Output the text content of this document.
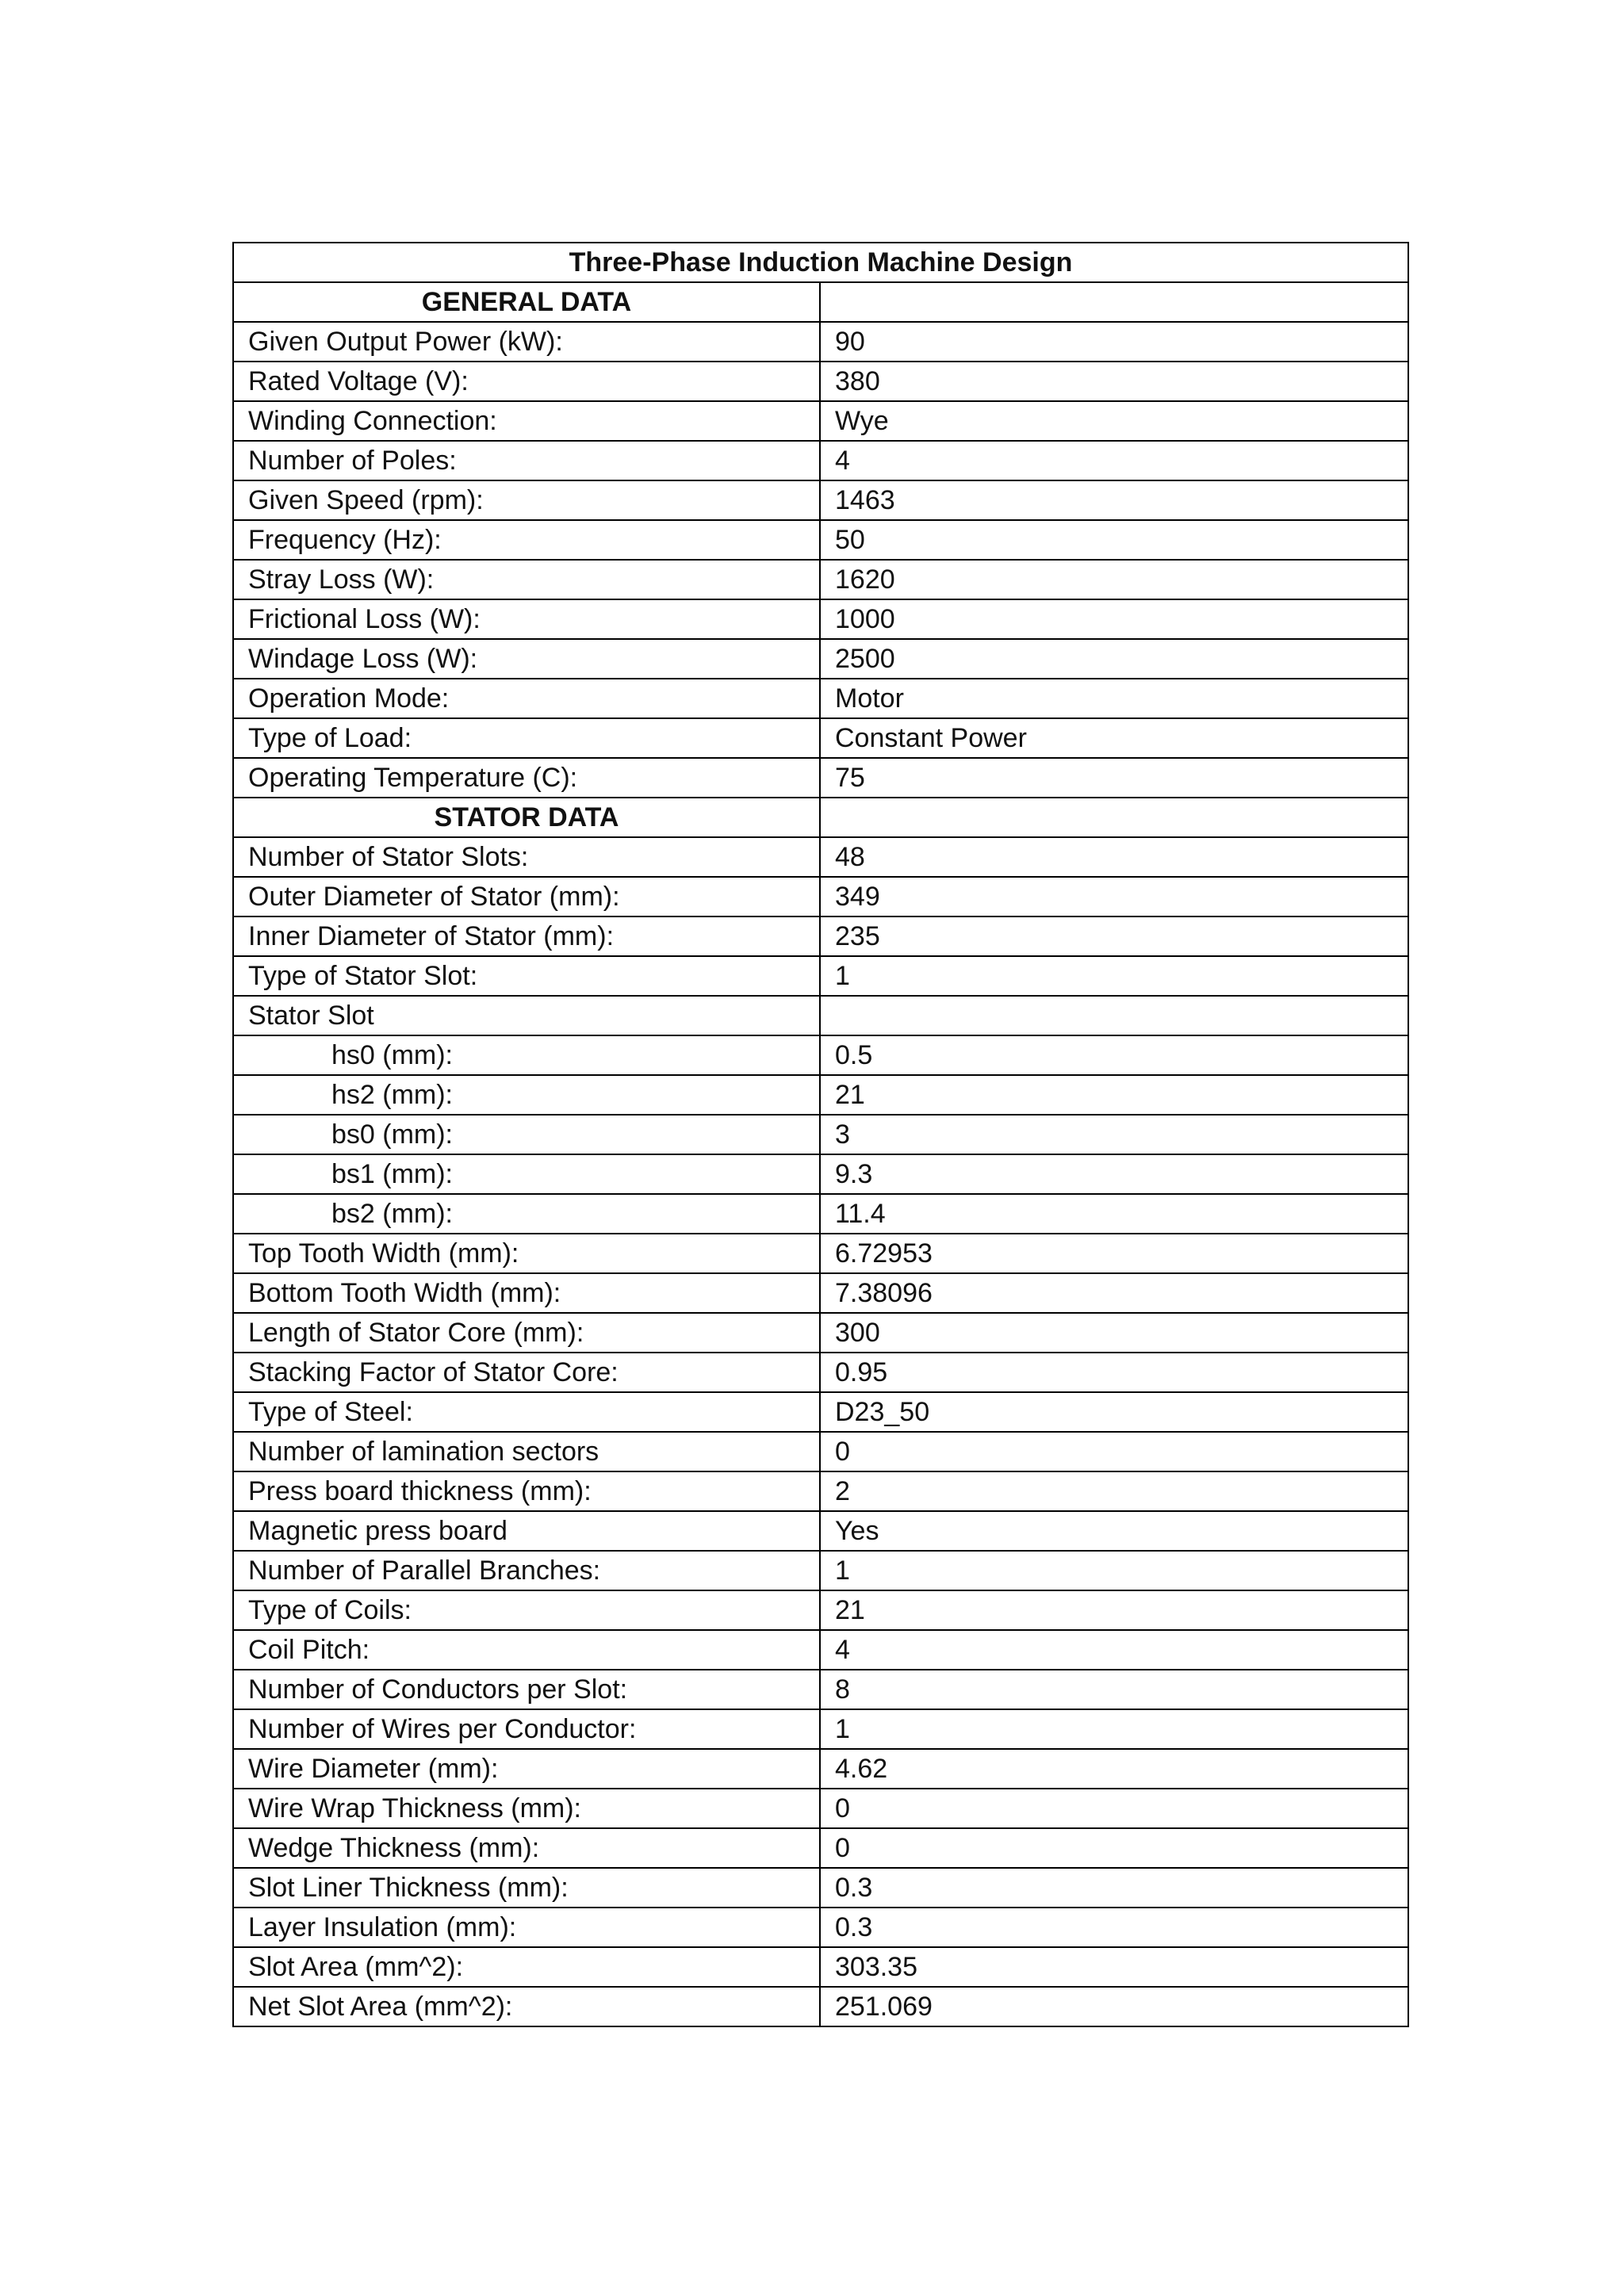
Three-Phase Induction Machine Design	
GENERAL DATA	
Given Output Power (kW):	90
Rated Voltage (V):	380
Winding Connection:	Wye
Number of Poles:	4
Given Speed (rpm):	1463
Frequency (Hz):	50
Stray Loss (W):	1620
Frictional Loss (W):	1000
Windage Loss (W):	2500
Operation Mode:	Motor
Type of Load:	Constant Power
Operating Temperature (C):	75
STATOR DATA	
Number of Stator Slots:	48
Outer Diameter of Stator (mm):	349
Inner Diameter of Stator (mm):	235
Type of Stator Slot:	1
Stator Slot	
hs0 (mm):	0.5
hs2 (mm):	21
bs0 (mm):	3
bs1 (mm):	9.3
bs2 (mm):	11.4
Top Tooth Width (mm):	6.72953
Bottom Tooth Width (mm):	7.38096
Length of Stator Core (mm):	300
Stacking Factor of Stator Core:	0.95
Type of Steel:	D23_50
Number of lamination sectors	0
Press board thickness (mm):	2
Magnetic press board	Yes
Number of Parallel Branches:	1
Type of Coils:	21
Coil Pitch:	4
Number of Conductors per Slot:	8
Number of Wires per Conductor:	1
Wire Diameter (mm):	4.62
Wire Wrap Thickness (mm):	0
Wedge Thickness (mm):	0
Slot Liner Thickness (mm):	0.3
Layer Insulation (mm):	0.3
Slot Area (mm^2):	303.35
Net Slot Area (mm^2):	251.069
